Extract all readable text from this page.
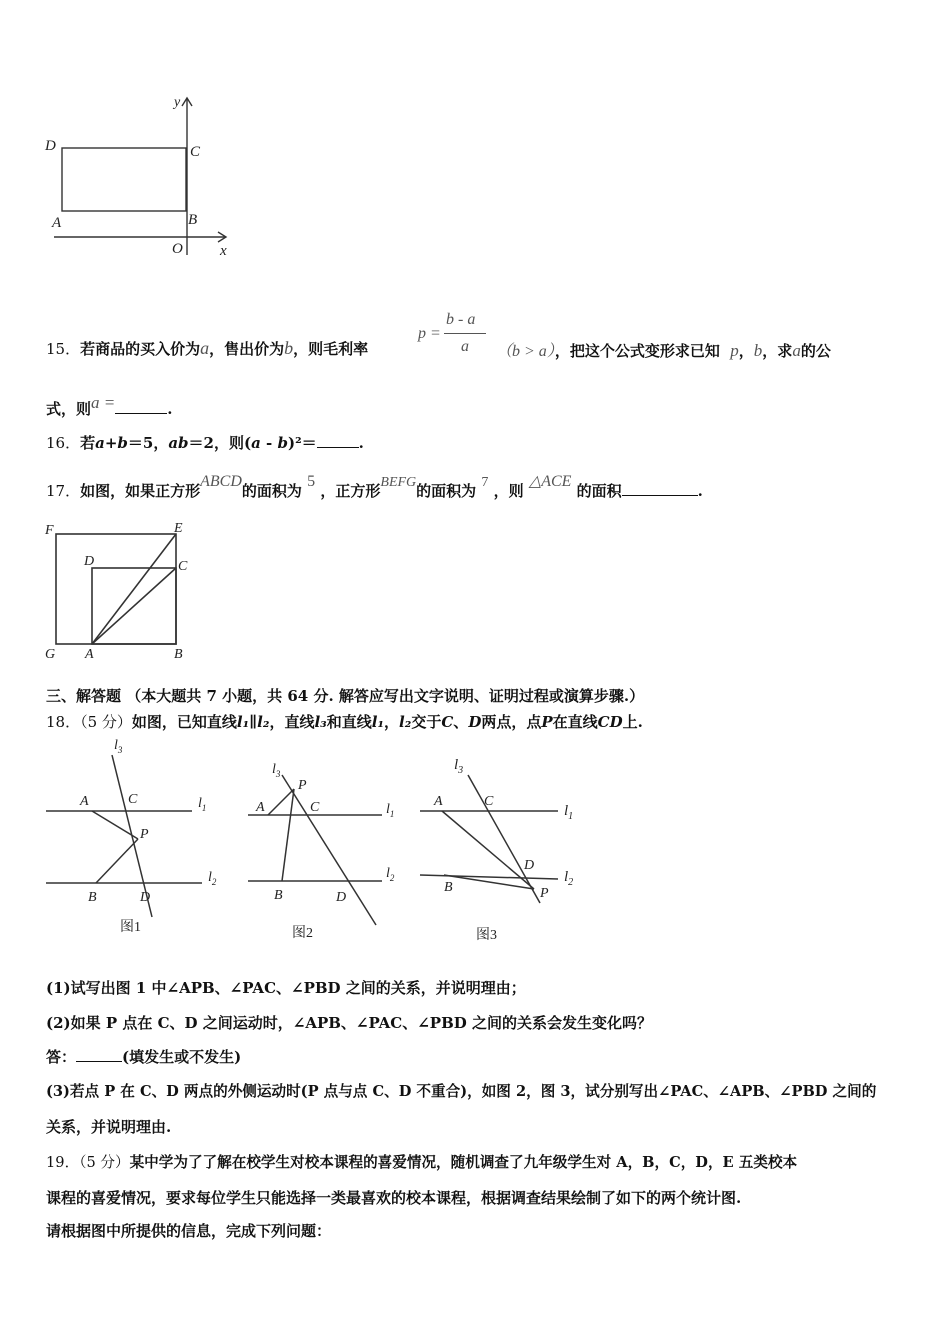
y
D	C
A	B
O x
15．若商品的买入价为a，售出价为b，则毛利率
p =
b - a
a （b > a），把这个公式变形求已知 p，b，求a的公
式，则a =	.
16．若a+b＝5，ab＝2，则(a - b)²＝	.
17．如图，如果正方形ABCD的面积为 5 ，正方形BEFG的面积为 7 ，则 △ACE 的面积	.
F	E
D	C
G A	B
三、解答题 （本大题共 7 小题，共 64 分. 解答应写出文字说明、证明过程或演算步骤.）
18．（5 分）如图，已知直线l₁∥l₂，直线l₃和直线l₁，l₂交于C、D两点，点P在直线CD上.
$l_3$
A	C	$l_1$
P
$l_2$
B	D
$l_3$
P
A	C	$l_1$
$l_2$
B	D
$l_3$
A	C
$l_1$
D
$l_2$
B	P
图1	图2	图3
(1)试写出图 1 中∠APB、∠PAC、∠PBD 之间的关系，并说明理由；
(2)如果 P 点在 C、D 之间运动时，∠APB、∠PAC、∠PBD 之间的关系会发生变化吗？
答：	(填发生或不发生)
(3)若点 P 在 C、D 两点的外侧运动时(P 点与点 C、D 不重合)，如图 2，图 3，试分别写出∠PAC、∠APB、∠PBD 之间的
关系，并说明理由.
19．（5 分）某中学为了了解在校学生对校本课程的喜爱情况，随机调查了九年级学生对 A，B，C，D，E 五类校本
课程的喜爱情况，要求每位学生只能选择一类最喜欢的校本课程，根据调查结果绘制了如下的两个统计图.
请根据图中所提供的信息，完成下列问题：
